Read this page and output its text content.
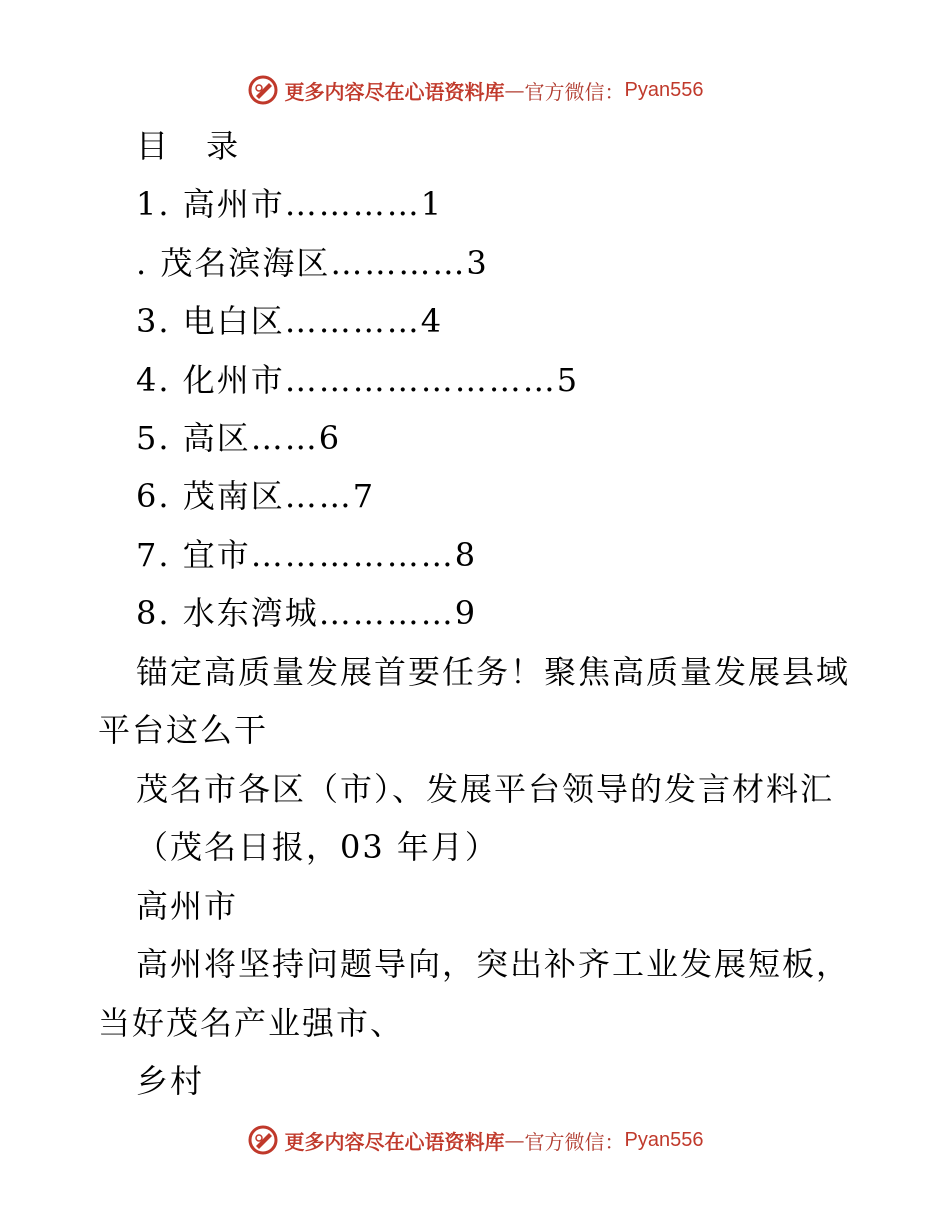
更多内容尽在心语资料库 — 官方微信： Pyan556
目 录
1. 高州市…………1
. 茂名滨海区…………3
3. 电白区…………4
4. 化州市……………………5
5. 高区……6
6. 茂南区……7
7. 宜市………………8
8. 水东湾城…………9
锚定高质量发展首要任务！聚焦高质量发展县域
平台这么干
茂名市各区（市）、发展平台领导的发言材料汇
（茂名日报，03 年月）
高州市
高州将坚持问题导向，突出补齐工业发展短板，
当好茂名产业强市、
乡村
更多内容尽在心语资料库 — 官方微信： Pyan556
